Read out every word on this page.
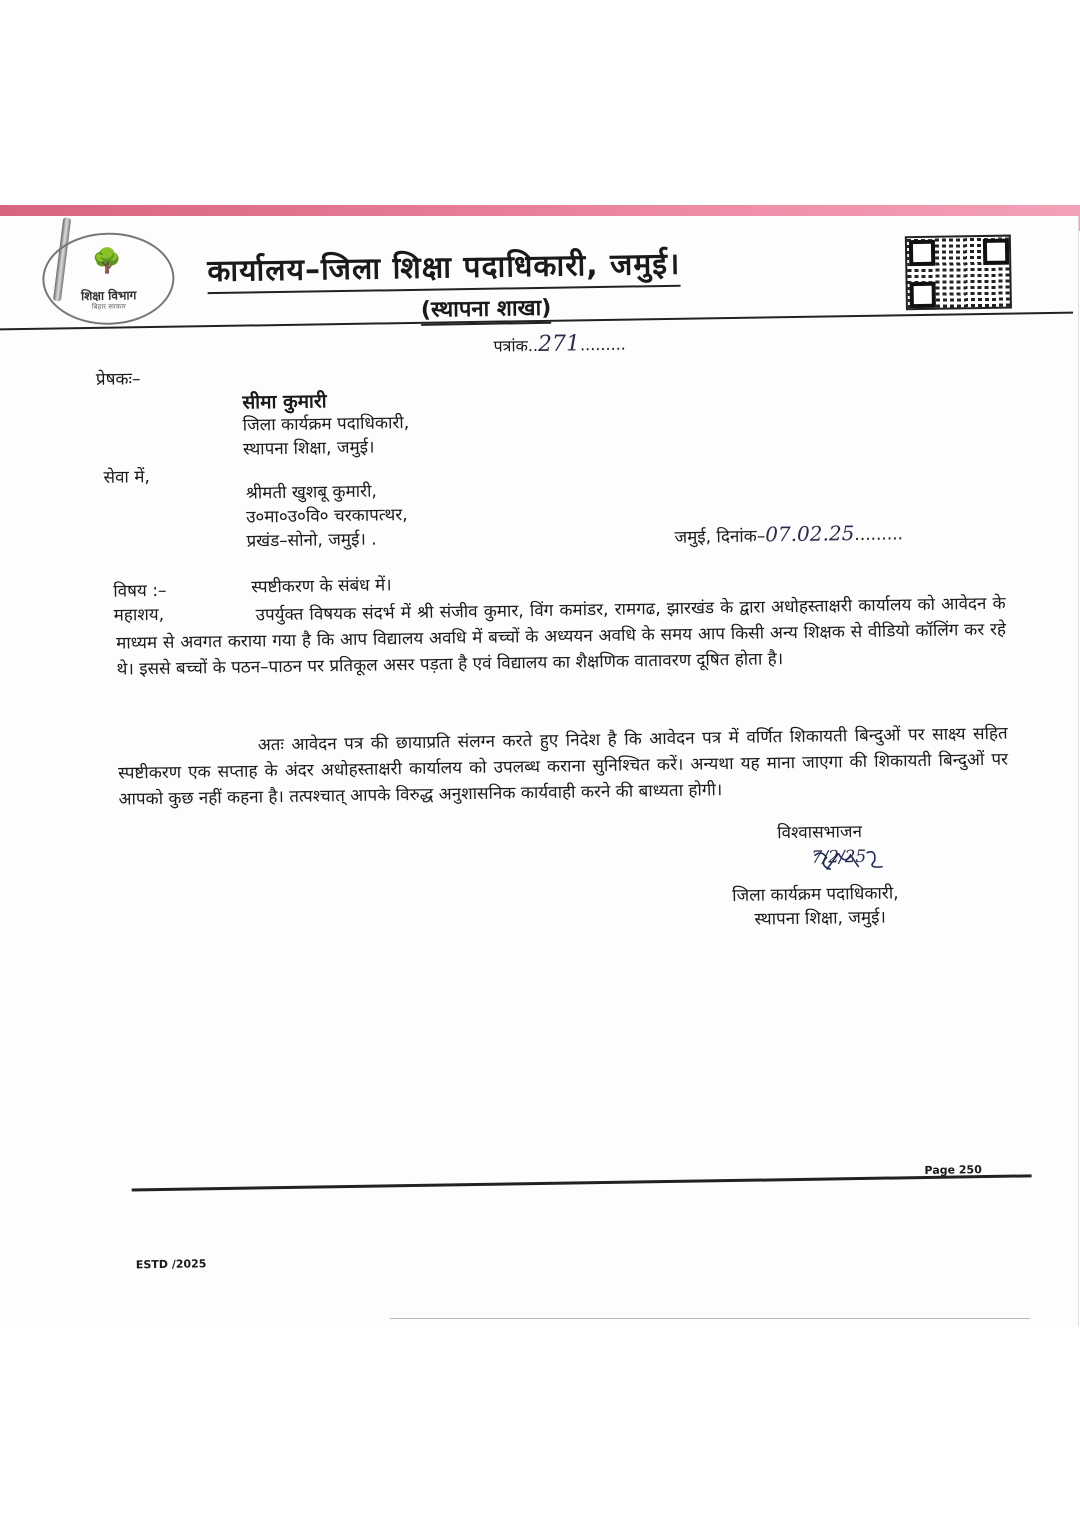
🌳
शिक्षा विभाग
बिहार सरकार
कार्यालय–जिला शिक्षा पदाधिकारी, जमुई।
(स्थापना शाखा)
पत्रांक..271.........
प्रेषकः–
सीमा कुमारी
जिला कार्यक्रम पदाधिकारी,
स्थापना शिक्षा, जमुई।
सेवा में,
श्रीमती खुशबू कुमारी,
उ०मा०उ०वि० चरकापत्थर,
प्रखंड–सोनो, जमुई। .	जमुई, दिनांक–07.02.25.........
विषय :–	स्पष्टीकरण के संबंध में।
महाशय,	उपर्युक्त विषयक संदर्भ में श्री संजीव कुमार, विंग कमांडर, रामगढ, झारखंड के द्वारा अधोहस्ताक्षरी कार्यालय को आवेदन के माध्यम से अवगत कराया गया है कि आप विद्यालय अवधि में बच्चों के अध्ययन अवधि के समय आप किसी अन्य शिक्षक से वीडियो कॉलिंग कर रहे थे। इससे बच्चों के पठन–पाठन पर प्रतिकूल असर पड़ता है एवं विद्यालय का शैक्षणिक वातावरण दूषित होता है।
अतः आवेदन पत्र की छायाप्रति संलग्न करते हुए निदेश है कि आवेदन पत्र में वर्णित शिकायती बिन्दुओं पर साक्ष्य सहित स्पष्टीकरण एक सप्ताह के अंदर अधोहस्ताक्षरी कार्यालय को उपलब्ध कराना सुनिश्चित करें। अन्यथा यह माना जाएगा की शिकायती बिन्दुओं पर आपको कुछ नहीं कहना है। तत्पश्चात् आपके विरुद्ध अनुशासनिक कार्यवाही करने की बाध्यता होगी।
विश्वासभाजन
7/2/25
जिला कार्यक्रम पदाधिकारी,
स्थापना शिक्षा, जमुई।
Page 250
ESTD /2025
